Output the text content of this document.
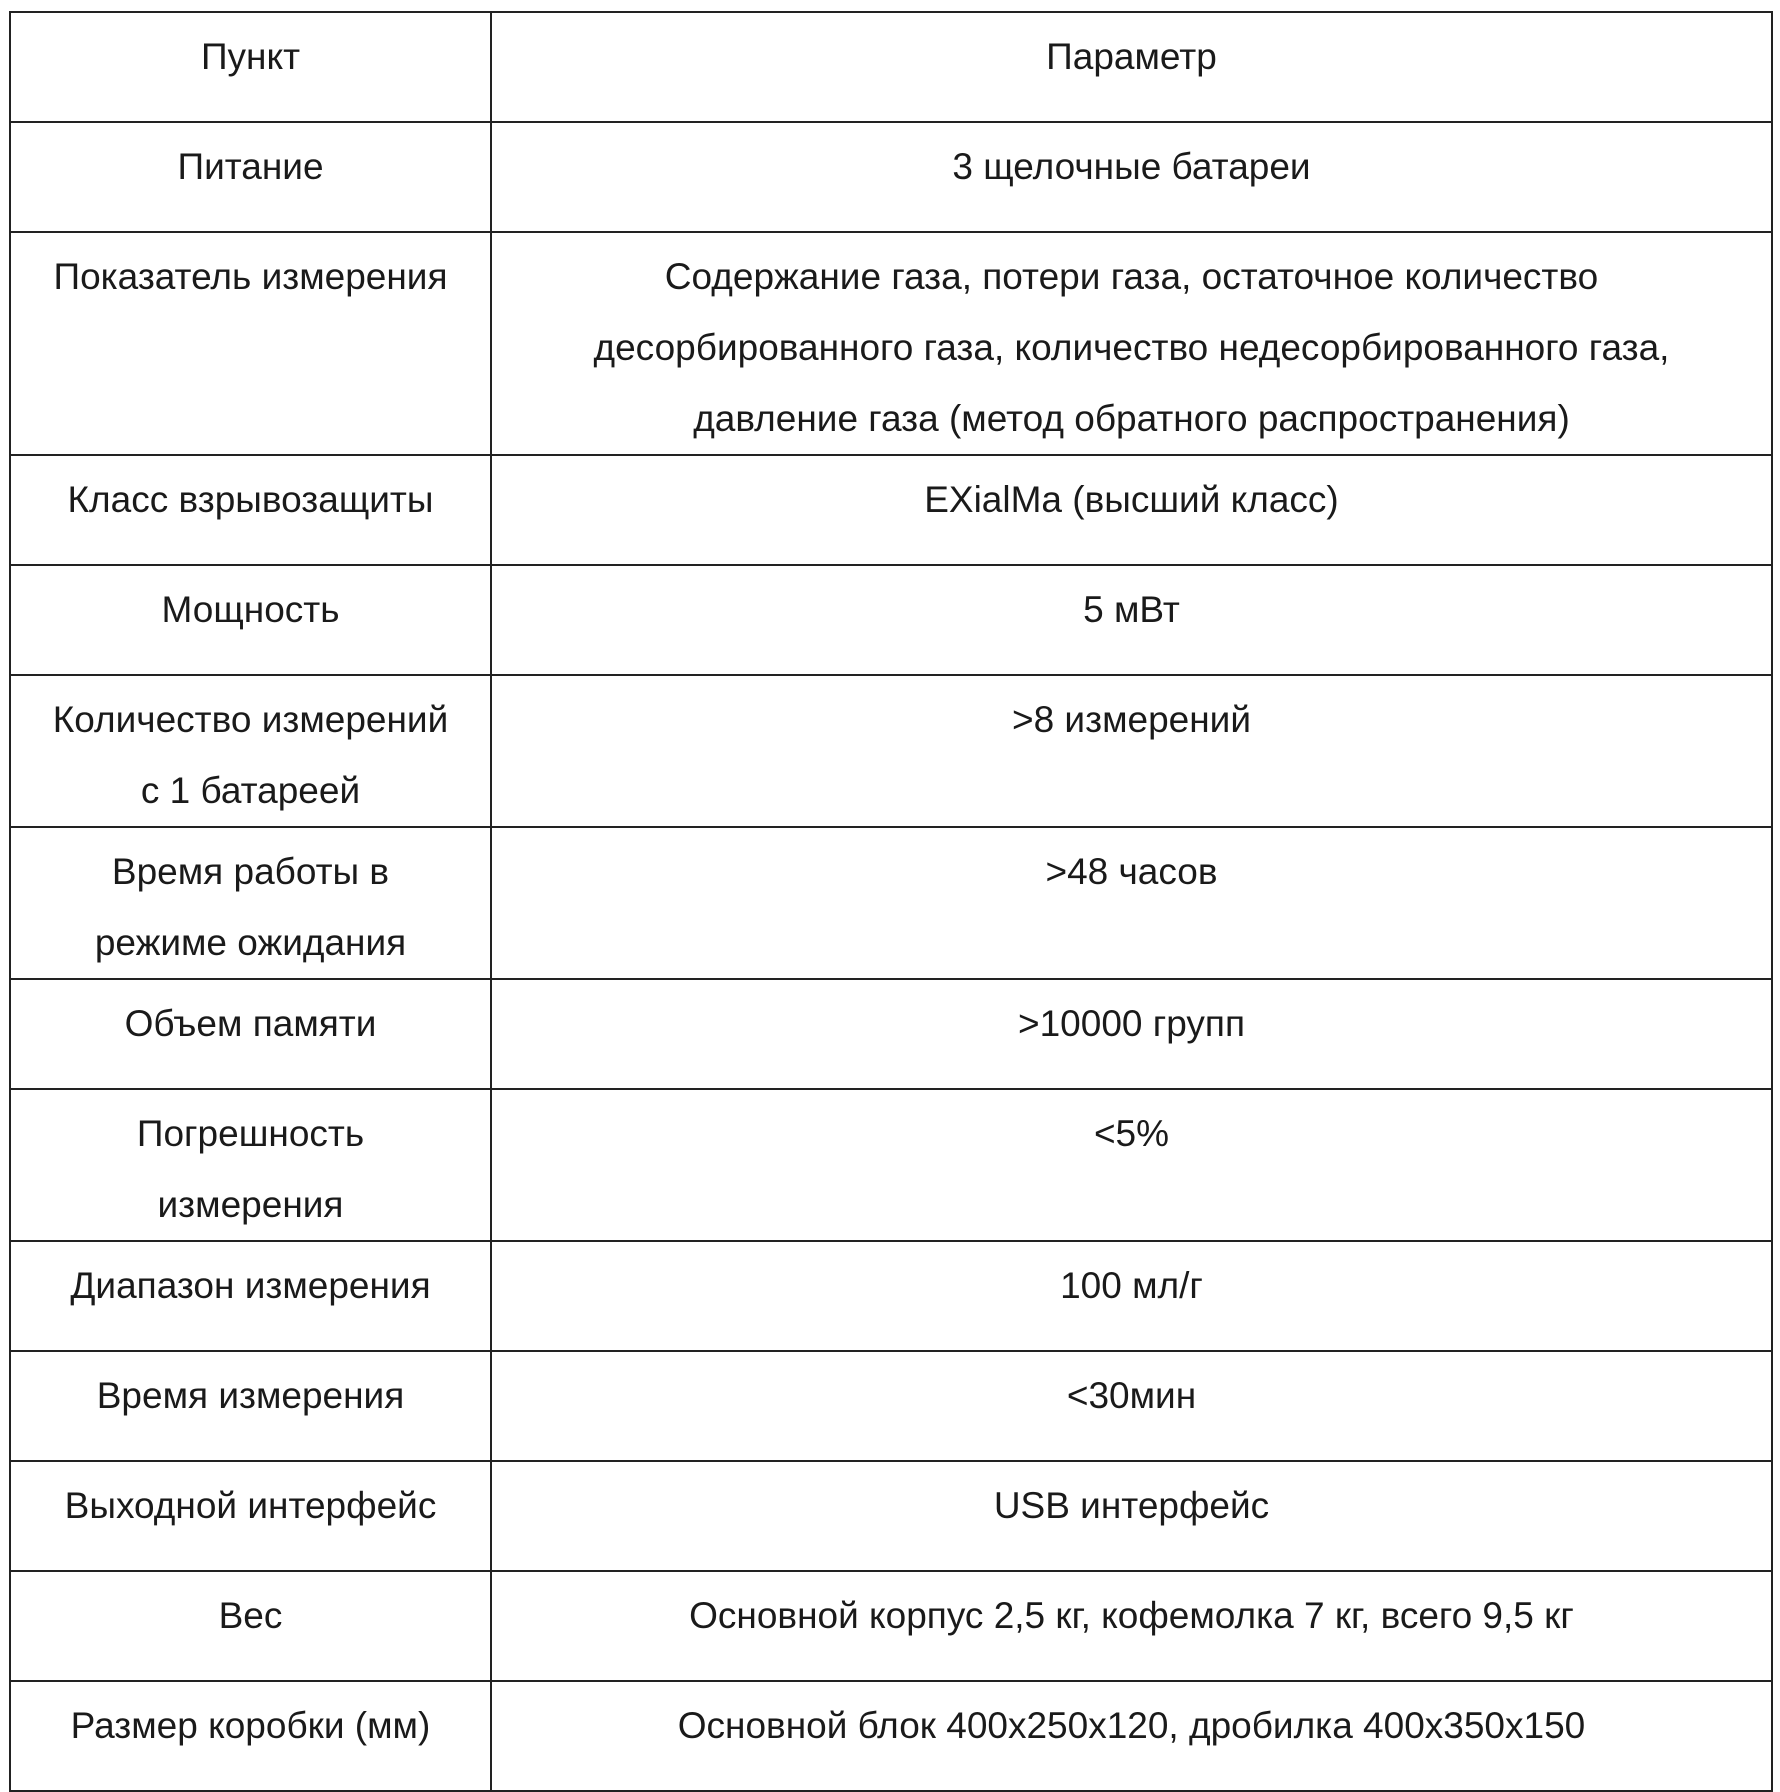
Пункт	Параметр
Питание	3 щелочные батареи
Показатель измерения	Содержание газа, потери газа, остаточное количество
десорбированного газа, количество недесорбированного газа,
давление газа (метод обратного распространения)
Класс взрывозащиты	EXialMa (высший класс)
Мощность	5 мВт
Количество измерений
с 1 батареей	>8 измерений
Время работы в
режиме ожидания	>48 часов
Объем памяти	>10000 групп
Погрешность
измерения	<5%
Диапазон измерения	100 мл/г
Время измерения	<30мин
Выходной интерфейс	USB интерфейс
Вес	Основной корпус 2,5 кг, кофемолка 7 кг, всего 9,5 кг
Размер коробки (мм)	Основной блок 400x250x120, дробилка 400x350x150
